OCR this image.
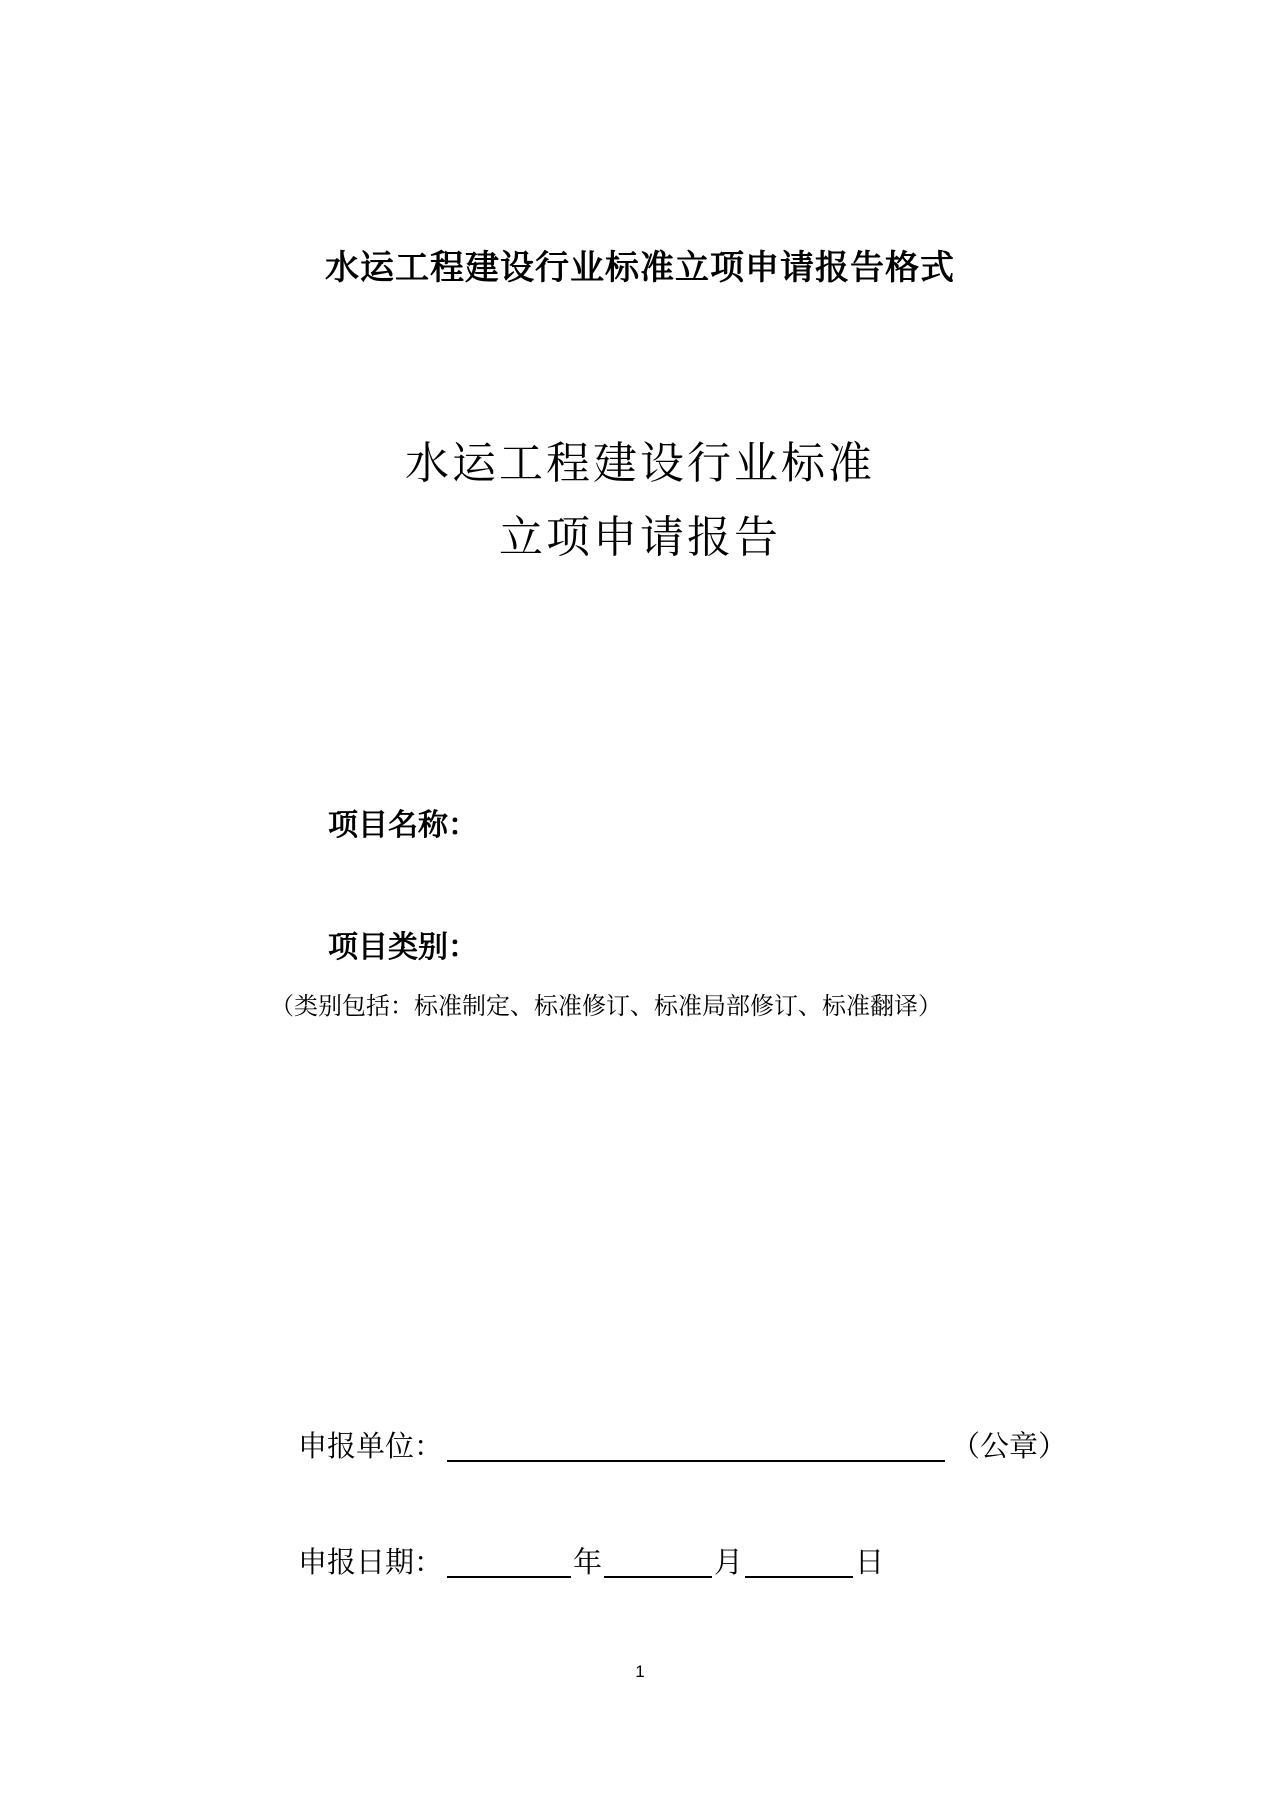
水运工程建设行业标准立项申请报告格式
水运工程建设行业标准
立项申请报告
项目名称：
项目类别：
（类别包括：标准制定、标准修订、标准局部修订、标准翻译）
申报单位：	（公章）
申报日期：	年	月	日
1
